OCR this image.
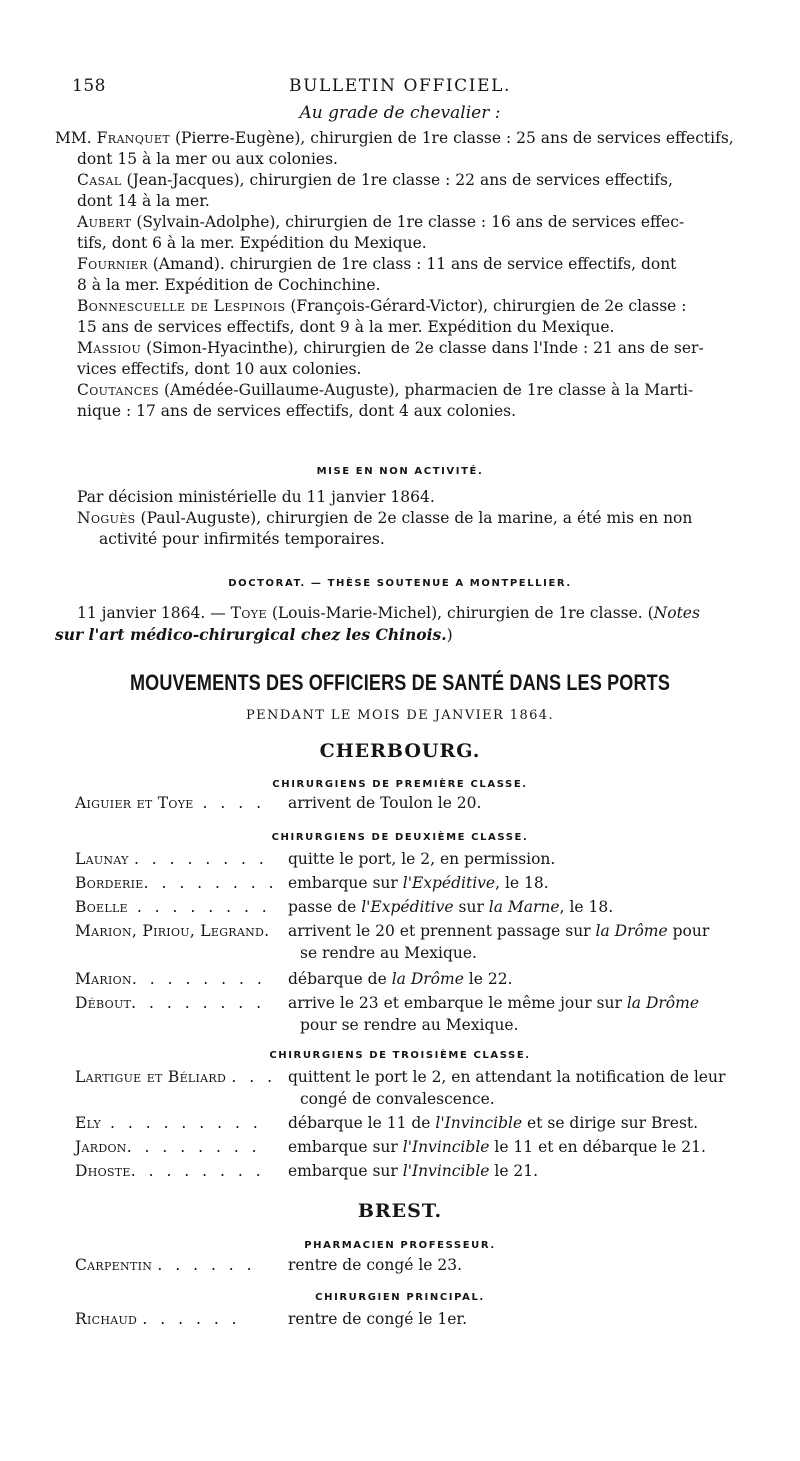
158	BULLETIN OFFICIEL.
Au grade de chevalier :

MM. Franquet (Pierre-Eugène), chirurgien de 1re classe : 25 ans de services effectifs,

dont 15 à la mer ou aux colonies.

Casal (Jean-Jacques), chirurgien de 1re classe : 22 ans de services effectifs,

dont 14 à la mer.

Aubert (Sylvain-Adolphe), chirurgien de 1re classe : 16 ans de services effec-

tifs, dont 6 à la mer. Expédition du Mexique.

Fournier (Amand). chirurgien de 1re class : 11 ans de service effectifs, dont

8 à la mer. Expédition de Cochinchine.

Bonnescuelle de Lespinois (François-Gérard-Victor), chirurgien de 2e classe :

15 ans de services effectifs, dont 9 à la mer. Expédition du Mexique.

Massiou (Simon-Hyacinthe), chirurgien de 2e classe dans l'Inde : 21 ans de ser-

vices effectifs, dont 10 aux colonies.

Coutances (Amédée-Guillaume-Auguste), pharmacien de 1re classe à la Marti-

nique : 17 ans de services effectifs, dont 4 aux colonies.

MISE EN NON ACTIVITÉ.

Par décision ministérielle du 11 janvier 1864.

Noguès (Paul-Auguste), chirurgien de 2e classe de la marine, a été mis en non

activité pour infirmités temporaires.

DOCTORAT. — THÈSE SOUTENUE A MONTPELLIER.

11 janvier 1864. — Toye (Louis-Marie-Michel), chirurgien de 1re classe. (Notes

sur l'art médico-chirurgical chez les Chinois.)

MOUVEMENTS DES OFFICIERS DE SANTÉ DANS LES PORTS
PENDANT LE MOIS DE JANVIER 1864.
CHERBOURG.
CHIRURGIENS DE PREMIÈRE CLASSE.
Aiguier et Toye . . . . arrivent de Toulon le 20.
CHIRURGIENS DE DEUXIÈME CLASSE.
Launay . . . . . . . . quitte le port, le 2, en permission.
Borderie. . . . . . . . embarque sur l'Expéditive, le 18.
Boelle . . . . . . . . passe de l'Expéditive sur la Marne, le 18.
Marion, Piriou, Legrand. arrivent le 20 et prennent passage sur la Drôme pour
se rendre au Mexique.
Marion. . . . . . . . débarque de la Drôme le 22.
Débout. . . . . . . . arrive le 23 et embarque le même jour sur la Drôme
pour se rendre au Mexique.
CHIRURGIENS DE TROISIÈME CLASSE.
Lartigue et Béliard . . . quittent le port le 2, en attendant la notification de leur
congé de convalescence.
Ely . . . . . . . . . débarque le 11 de l'Invincible et se dirige sur Brest.
Jardon. . . . . . . . embarque sur l'Invincible le 11 et en débarque le 21.
Dhoste. . . . . . . . embarque sur l'Invincible le 21.
BREST.
PHARMACIEN PROFESSEUR.
Carpentin . . . . . . rentre de congé le 23.
CHIRURGIEN PRINCIPAL.
Richaud . . . . . .	rentre de congé le 1er.
